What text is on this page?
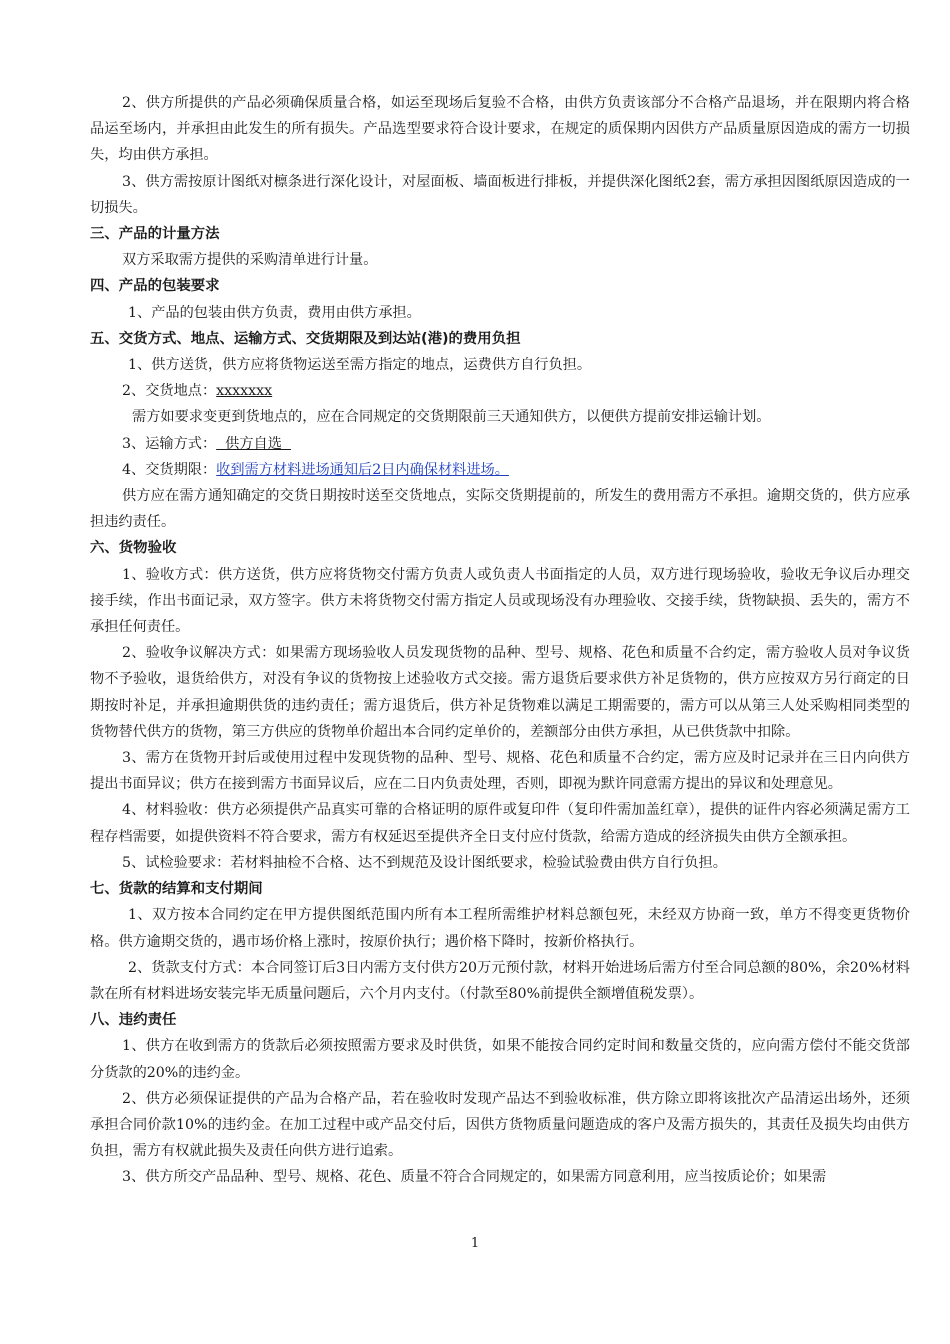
2、供方所提供的产品必须确保质量合格，如运至现场后复验不合格，由供方负责该部分不合格产品退场，并在限期内将合格品运至场内，并承担由此发生的所有损失。产品选型要求符合设计要求，在规定的质保期内因供方产品质量原因造成的需方一切损失，均由供方承担。

3、供方需按原计图纸对檩条进行深化设计，对屋面板、墙面板进行排板，并提供深化图纸2套，需方承担因图纸原因造成的一切损失。

三、产品的计量方法

双方采取需方提供的采购清单进行计量。

四、产品的包装要求

1、产品的包装由供方负责，费用由供方承担。

五、交货方式、地点、运输方式、交货期限及到达站(港)的费用负担

1、供方送货，供方应将货物运送至需方指定的地点，运费供方自行负担。

2、交货地点：xxxxxxx

需方如要求变更到货地点的，应在合同规定的交货期限前三天通知供方，以便供方提前安排运输计划。

3、运输方式：  供方自选

4、交货期限：收到需方材料进场通知后2日内确保材料进场。

供方应在需方通知确定的交货日期按时送至交货地点，实际交货期提前的，所发生的费用需方不承担。逾期交货的，供方应承担违约责任。

六、货物验收

1、验收方式：供方送货，供方应将货物交付需方负责人或负责人书面指定的人员，双方进行现场验收，验收无争议后办理交接手续，作出书面记录，双方签字。供方未将货物交付需方指定人员或现场没有办理验收、交接手续，货物缺损、丢失的，需方不承担任何责任。

2、验收争议解决方式：如果需方现场验收人员发现货物的品种、型号、规格、花色和质量不合约定，需方验收人员对争议货物不予验收，退货给供方，对没有争议的货物按上述验收方式交接。需方退货后要求供方补足货物的，供方应按双方另行商定的日期按时补足，并承担逾期供货的违约责任；需方退货后，供方补足货物难以满足工期需要的，需方可以从第三人处采购相同类型的货物替代供方的货物，第三方供应的货物单价超出本合同约定单价的，差额部分由供方承担，从已供货款中扣除。

3、需方在货物开封后或使用过程中发现货物的品种、型号、规格、花色和质量不合约定，需方应及时记录并在三日内向供方提出书面异议；供方在接到需方书面异议后，应在二日内负责处理，否则，即视为默许同意需方提出的异议和处理意见。

4、材料验收：供方必须提供产品真实可靠的合格证明的原件或复印件（复印件需加盖红章），提供的证件内容必须满足需方工程存档需要，如提供资料不符合要求，需方有权延迟至提供齐全日支付应付货款，给需方造成的经济损失由供方全额承担。

5、试检验要求：若材料抽检不合格、达不到规范及设计图纸要求，检验试验费由供方自行负担。

七、货款的结算和支付期间

1、双方按本合同约定在甲方提供图纸范围内所有本工程所需维护材料总额包死，未经双方协商一致，单方不得变更货物价格。供方逾期交货的，遇市场价格上涨时，按原价执行；遇价格下降时，按新价格执行。

2、货款支付方式：本合同签订后3日内需方支付供方20万元预付款，材料开始进场后需方付至合同总额的80%，余20%材料款在所有材料进场安装完毕无质量问题后，六个月内支付。（付款至80%前提供全额增值税发票）。

八、违约责任

1、供方在收到需方的货款后必须按照需方要求及时供货，如果不能按合同约定时间和数量交货的，应向需方偿付不能交货部分货款的20%的违约金。

2、供方必须保证提供的产品为合格产品，若在验收时发现产品达不到验收标准，供方除立即将该批次产品清运出场外，还须承担合同价款10%的违约金。在加工过程中或产品交付后，因供方货物质量问题造成的客户及需方损失的，其责任及损失均由供方负担，需方有权就此损失及责任向供方进行追索。

3、供方所交产品品种、型号、规格、花色、质量不符合合同规定的，如果需方同意利用，应当按质论价；如果需

1
